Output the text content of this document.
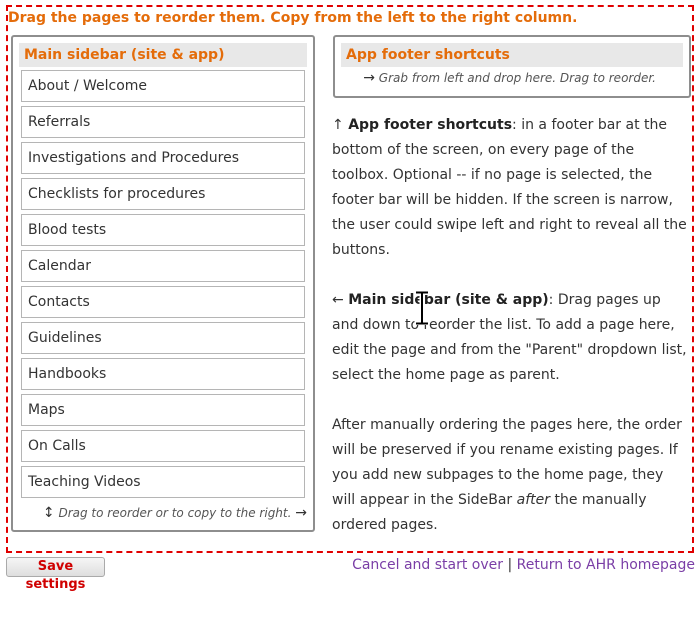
Drag the pages to reorder them. Copy from the left to the right column.
Main sidebar (site & app)
About / Welcome
Referrals
Investigations and Procedures
Checklists for procedures
Blood tests
Calendar
Contacts
Guidelines
Handbooks
Maps
On Calls
Teaching Videos
↕ Drag to reorder or to copy to the right. →
App footer shortcuts
→ Grab from left and drop here. Drag to reorder.

↑ App footer shortcuts: in a footer bar at the bottom of the screen, on every page of the toolbox. Optional -- if no page is selected, the footer bar will be hidden. If the screen is narrow, the user could swipe left and right to reveal all the buttons.

← Main sidebar (site & app): Drag pages up and down to reorder the list. To add a page here, edit the page and from the "Parent" dropdown list, select the home page as parent.

After manually ordering the pages here, the order will be preserved if you rename existing pages. If you add new subpages to the home page, they will appear in the SideBar after the manually ordered pages.

Save settings
Cancel and start over | Return to AHR homepage
